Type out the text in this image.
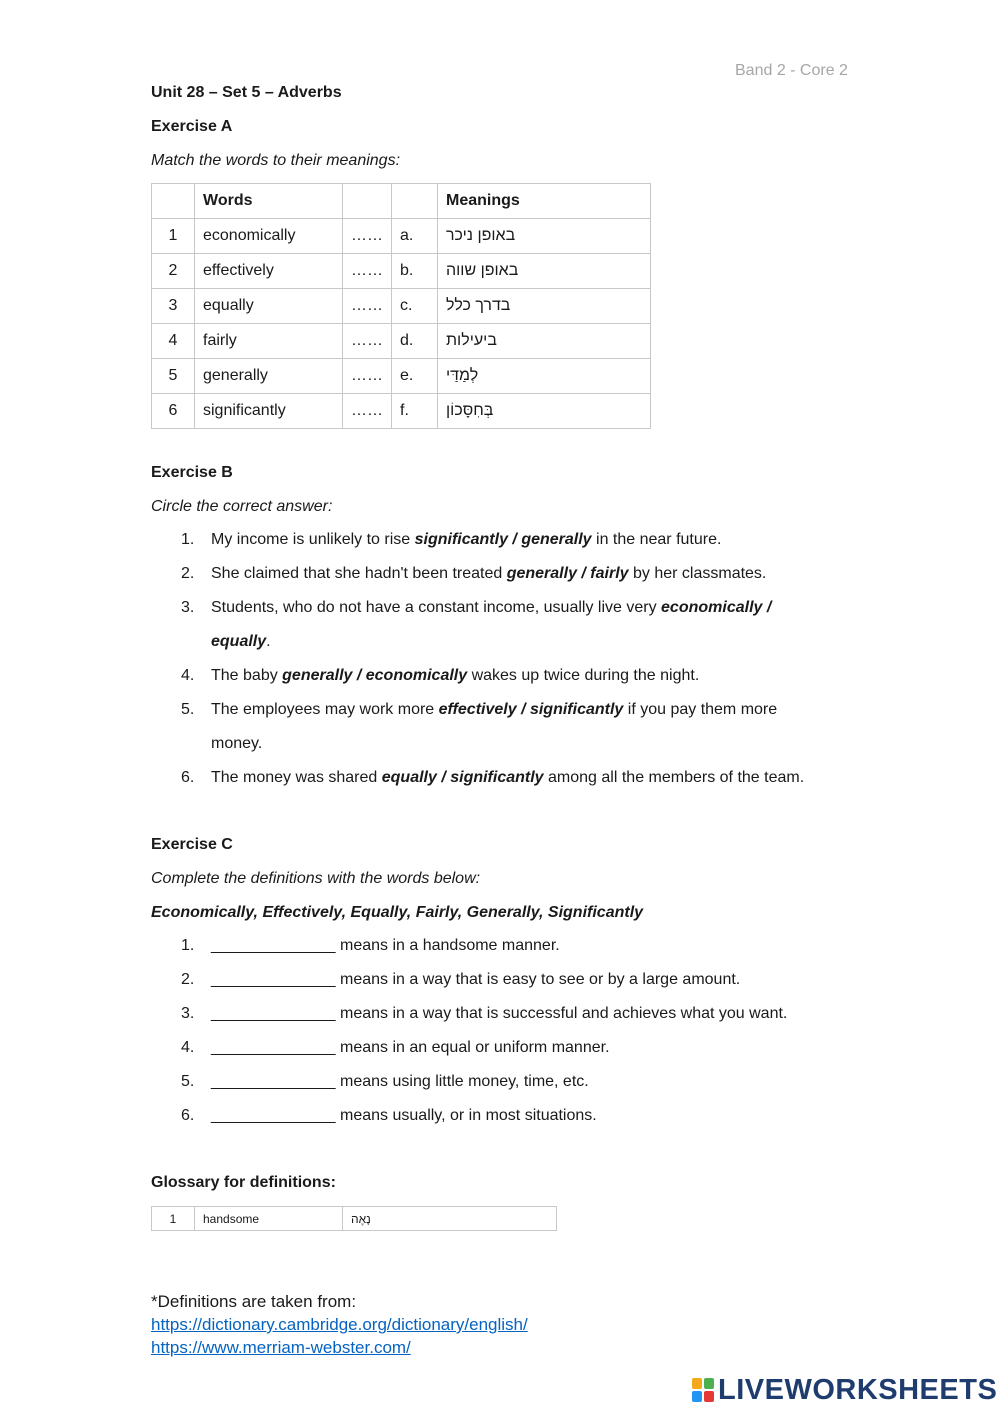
Band 2 - Core 2
Unit 28 – Set 5 – Adverbs
Exercise A
Match the words to their meanings:
	Words			Meanings
1	economically	……	a.	באופן ניכר
2	effectively	……	b.	באופן שווה
3	equally	……	c.	בדרך כלל
4	fairly	……	d.	ביעילות
5	generally	……	e.	לְמַדַּי
6	significantly	……	f.	בְּחִסָּכוֹן
Exercise B
Circle the correct answer:
1. My income is unlikely to rise significantly / generally in the near future.
2. She claimed that she hadn't been treated generally / fairly by her classmates.
3. Students, who do not have a constant income, usually live very economically /
equally.
4. The baby generally / economically wakes up twice during the night.
5. The employees may work more effectively / significantly if you pay them more
money.
6. The money was shared equally / significantly among all the members of the team.
Exercise C
Complete the definitions with the words below:
Economically, Effectively, Equally, Fairly, Generally, Significantly
1. ______________ means in a handsome manner.
2. ______________ means in a way that is easy to see or by a large amount.
3. ______________ means in a way that is successful and achieves what you want.
4. ______________ means in an equal or uniform manner.
5. ______________ means using little money, time, etc.
6. ______________ means usually, or in most situations.
Glossary for definitions:
1	handsome	נָאֶה
*Definitions are taken from:
https://dictionary.cambridge.org/dictionary/english/
https://www.merriam-webster.com/
LIVEWORKSHEETS
